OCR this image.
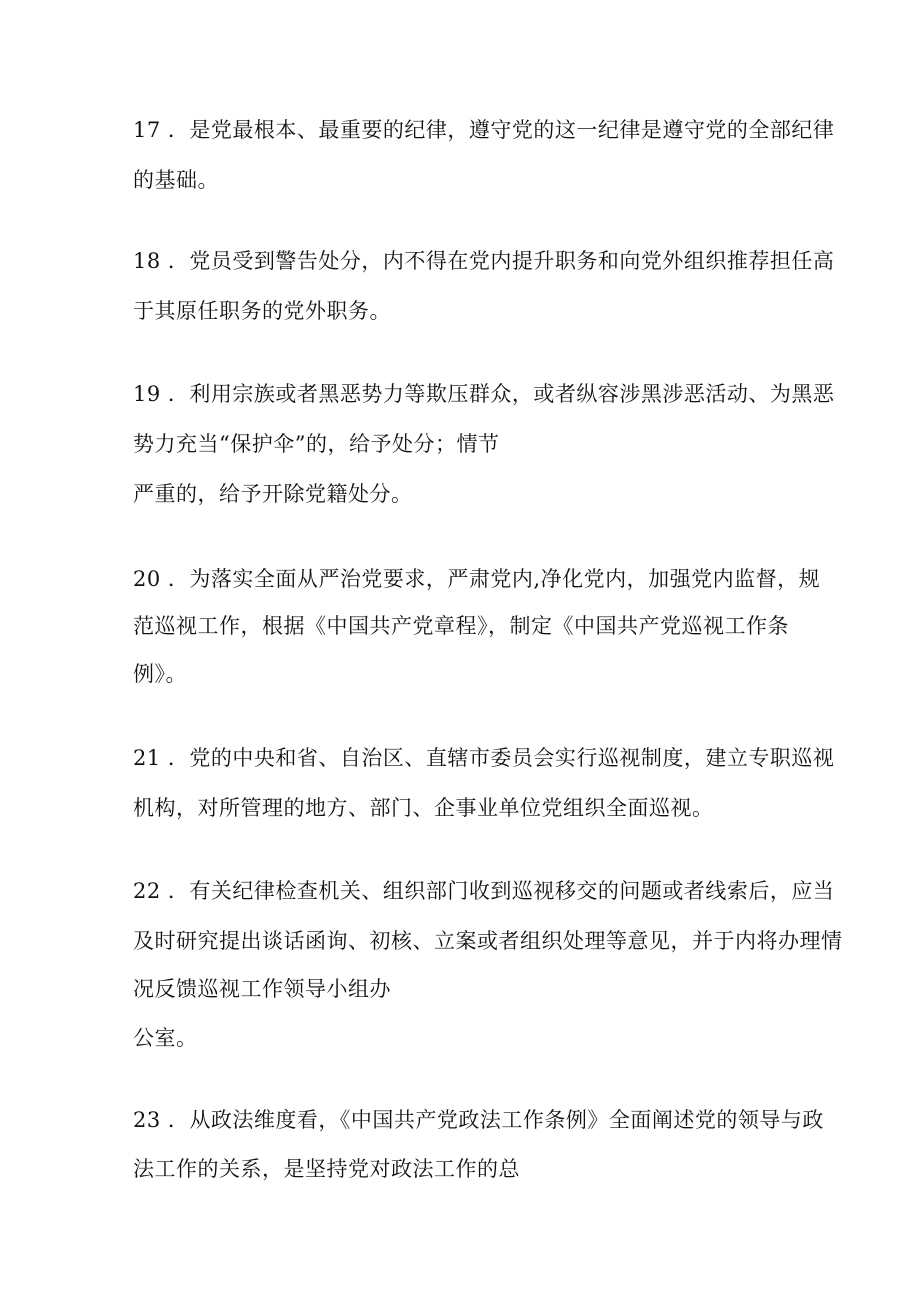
17 ．是党最根本、最重要的纪律，遵守党的这一纪律是遵守党的全部纪律
的基础。
18 ．党员受到警告处分，内不得在党内提升职务和向党外组织推荐担任高
于其原任职务的党外职务。
19 ．利用宗族或者黑恶势力等欺压群众，或者纵容涉黑涉恶活动、为黑恶
势力充当“保护伞”的，给予处分；情节
严重的，给予开除党籍处分。
20 ．为落实全面从严治党要求，严肃党内,净化党内，加强党内监督，规
范巡视工作，根据《中国共产党章程》，制定《中国共产党巡视工作条
例》。
21 ．党的中央和省、自治区、直辖市委员会实行巡视制度，建立专职巡视
机构，对所管理的地方、部门、企事业单位党组织全面巡视。
22 ．有关纪律检查机关、组织部门收到巡视移交的问题或者线索后，应当
及时研究提出谈话函询、初核、立案或者组织处理等意见，并于内将办理情
况反馈巡视工作领导小组办
公室。
23 ．从政法维度看，《中国共产党政法工作条例》全面阐述党的领导与政
法工作的关系，是坚持党对政法工作的总
